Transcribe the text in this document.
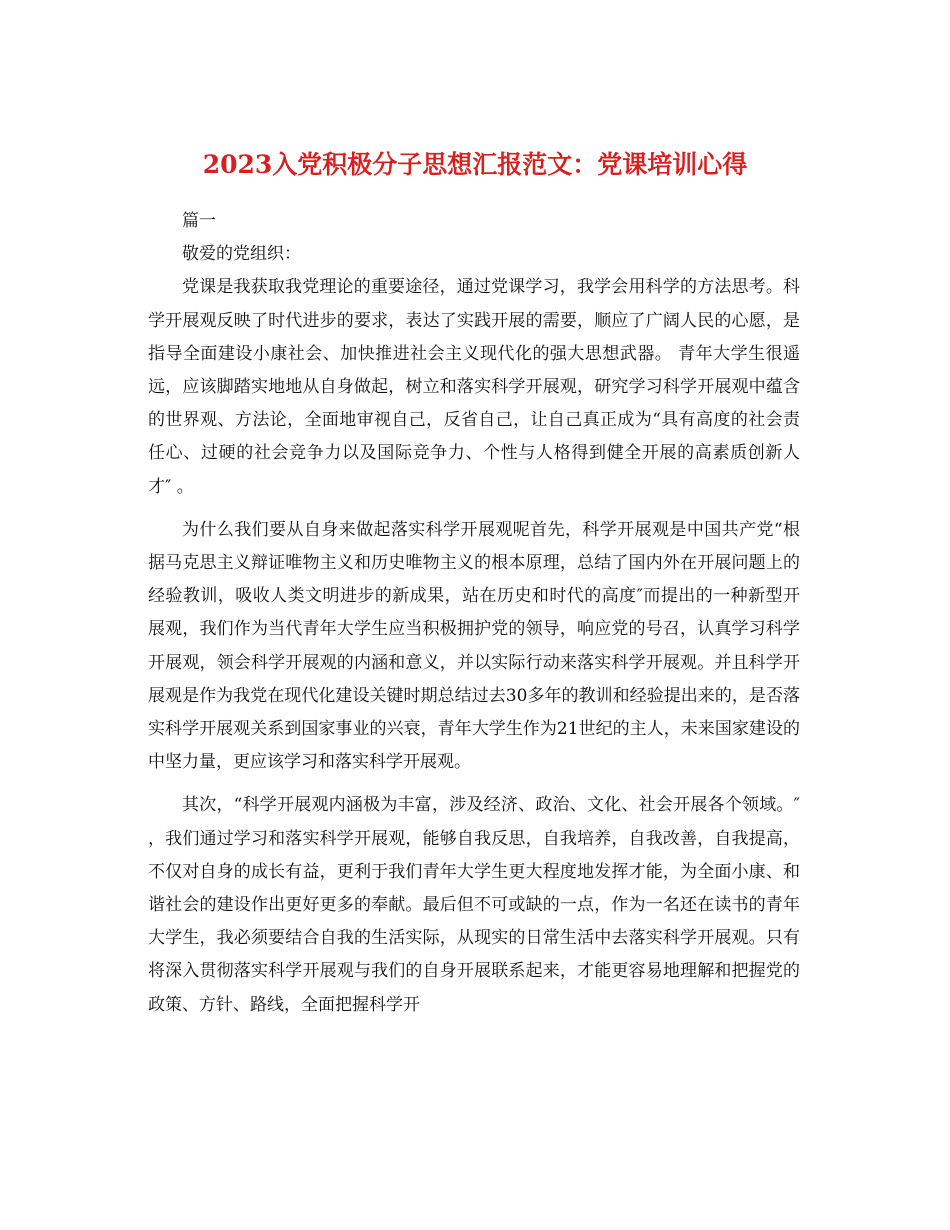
2023入党积极分子思想汇报范文：党课培训心得

篇一

敬爱的党组织：

党课是我获取我党理论的重要途径，通过党课学习，我学会用科学的方法思考。科学开展观反映了时代进步的要求，表达了实践开展的需要，顺应了广阔人民的心愿，是指导全面建设小康社会、加快推进社会主义现代化的强大思想武器。 青年大学生很遥远，应该脚踏实地地从自身做起，树立和落实科学开展观，研究学习科学开展观中蕴含的世界观、方法论，全面地审视自己，反省自己，让自己真正成为“具有高度的社会责任心、过硬的社会竞争力以及国际竞争力、个性与人格得到健全开展的高素质创新人才″ 。

为什么我们要从自身来做起落实科学开展观呢首先，科学开展观是中国共产党“根据马克思主义辩证唯物主义和历史唯物主义的根本原理，总结了国内外在开展问题上的经验教训，吸收人类文明进步的新成果，站在历史和时代的高度″而提出的一种新型开展观，我们作为当代青年大学生应当积极拥护党的领导，响应党的号召，认真学习科学开展观，领会科学开展观的内涵和意义，并以实际行动来落实科学开展观。并且科学开展观是作为我党在现代化建设关键时期总结过去30多年的教训和经验提出来的，是否落实科学开展观关系到国家事业的兴衰，青年大学生作为21世纪的主人，未来国家建设的中坚力量，更应该学习和落实科学开展观。

其次，“科学开展观内涵极为丰富，涉及经济、政治、文化、社会开展各个领域。″ ，我们通过学习和落实科学开展观，能够自我反思，自我培养，自我改善，自我提高，不仅对自身的成长有益，更利于我们青年大学生更大程度地发挥才能，为全面小康、和谐社会的建设作出更好更多的奉献。最后但不可或缺的一点，作为一名还在读书的青年大学生，我必须要结合自我的生活实际，从现实的日常生活中去落实科学开展观。只有将深入贯彻落实科学开展观与我们的自身开展联系起来，才能更容易地理解和把握党的政策、方针、路线，全面把握科学开
